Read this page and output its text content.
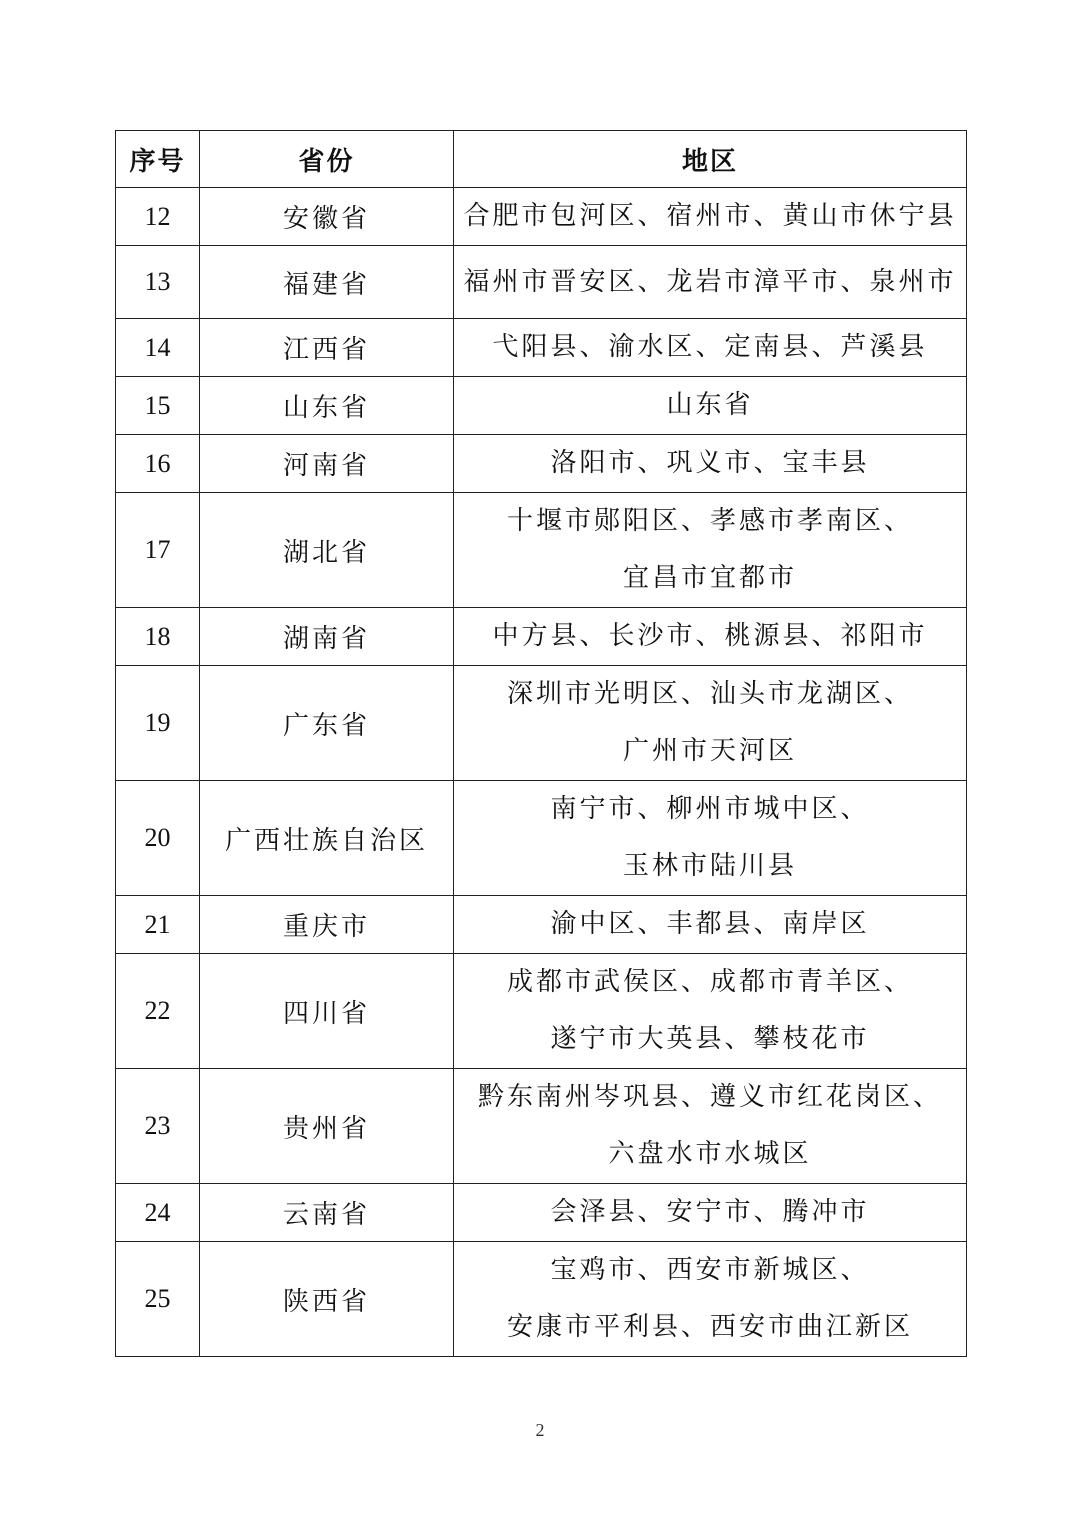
序号	省份	地区
12	安徽省	合肥市包河区、宿州市、黄山市休宁县

13	福建省	福州市晋安区、龙岩市漳平市、泉州市

14	江西省	弋阳县、渝水区、定南县、芦溪县

15	山东省	山东省

16	河南省	洛阳市、巩义市、宝丰县

17	湖北省	十堰市郧阳区、孝感市孝南区、
宜昌市宜都市

18	湖南省	中方县、长沙市、桃源县、祁阳市

19	广东省	深圳市光明区、汕头市龙湖区、
广州市天河区

20	广西壮族自治区	南宁市、柳州市城中区、
玉林市陆川县

21	重庆市	渝中区、丰都县、南岸区

22	四川省	成都市武侯区、成都市青羊区、
遂宁市大英县、攀枝花市

23	贵州省	黔东南州岑巩县、遵义市红花岗区、
六盘水市水城区

24	云南省	会泽县、安宁市、腾冲市

25	陕西省	宝鸡市、西安市新城区、
安康市平利县、西安市曲江新区
2
